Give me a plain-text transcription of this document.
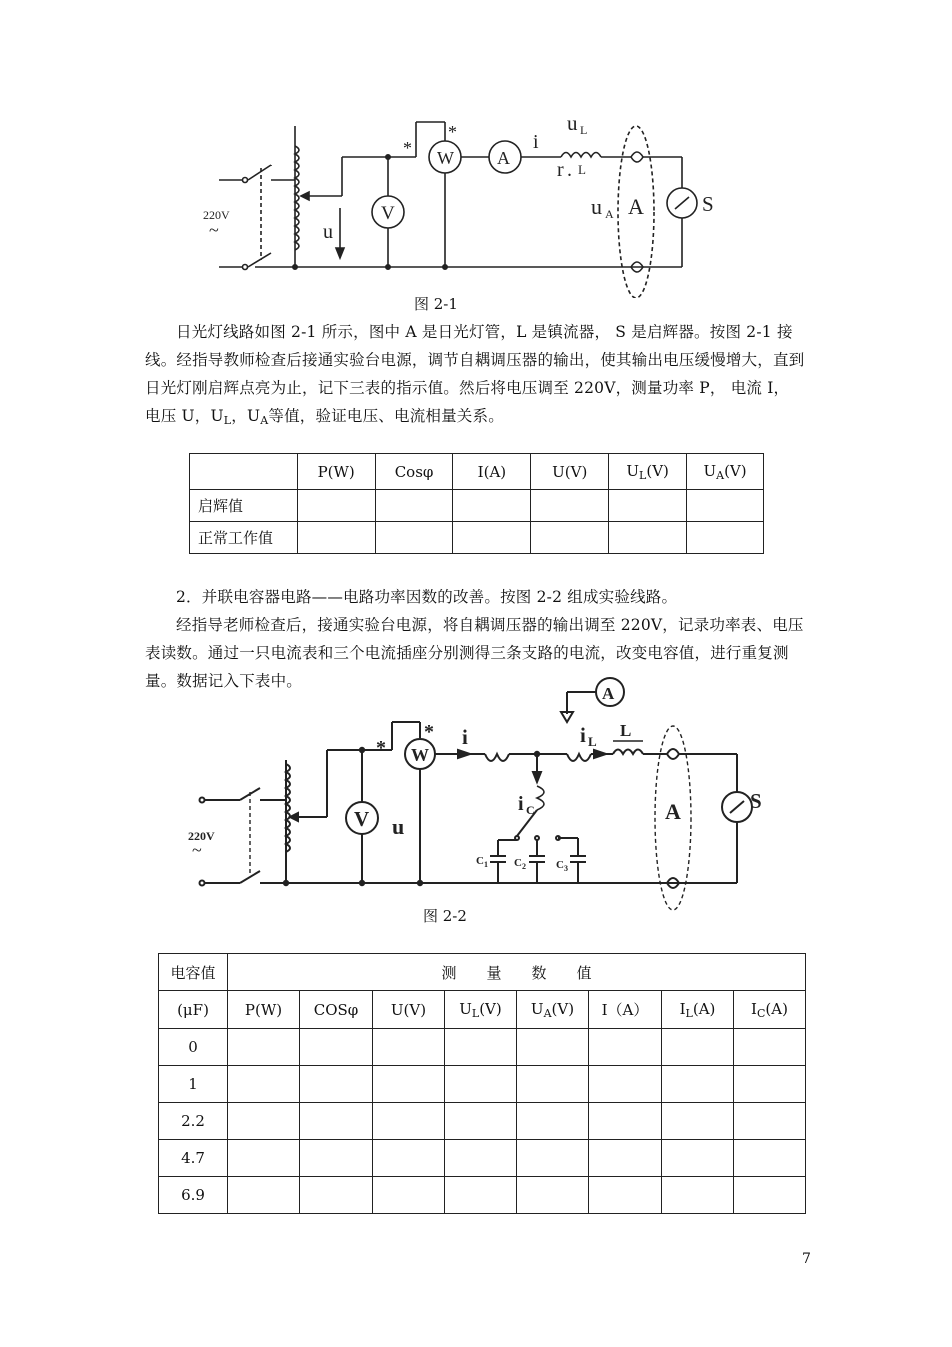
220V
~	u
V
W A
*
*	i
u L
r . L
u A A	S
图 2-1

日光灯线路如图 2-1 所示，图中 A 是日光灯管，L 是镇流器， S 是启辉器。按图 2-1 接线。经指导教师检查后接通实验台电源，调节自耦调压器的输出，使其输出电压缓慢增大，直到日光灯刚启辉点亮为止，记下三表的指示值。然后将电压调至 220V，测量功率 P， 电流 I， 电压 U，$U_L$，$U_A$等值，验证电压、电流相量关系。

	P(W)	Cosφ	I(A)	U(V)	$U_L(V)$	$U_A(V)$
启辉值						
正常工作值						

2．并联电容器电路——电路功率因数的改善。按图 2-2 组成实验线路。

经指导老师检查后，接通实验台电源，将自耦调压器的输出调至 220V，记录功率表、电压表读数。通过一只电流表和三个电流插座分别测得三条支路的电流，改变电容值，进行重复测量。数据记入下表中。

220V
~
V u
W
*
* i	i L
L
A
i C
C 1 C 2	C 3
A	S
图 2-2
电容值	测　　量　　数　　值							
(μF)	P(W)	COSφ	U(V)	$U_L(V)$	$U_A(V)$	I（A）	$I_L(A)$	$I_C(A)$
0								
1								
2.2								
4.7								
6.9								
7
